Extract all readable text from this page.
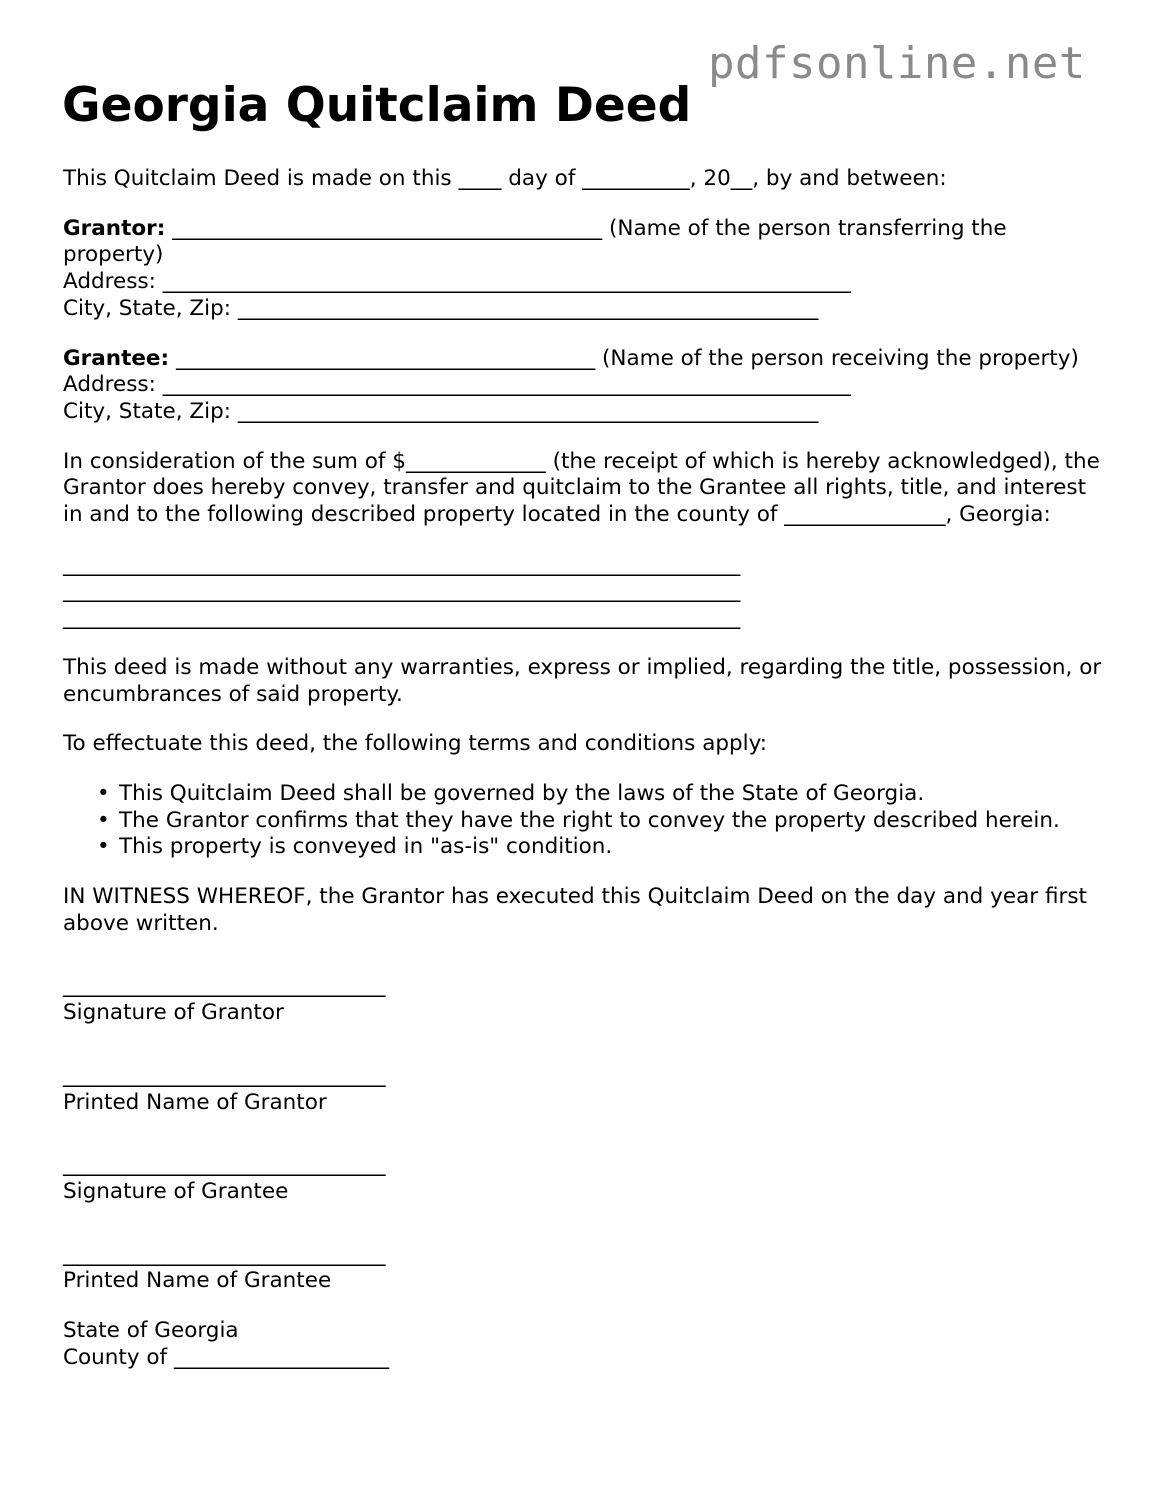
pdfsonline.net
Georgia Quitclaim Deed

This Quitclaim Deed is made on this ____ day of __________, 20__, by and between:

Grantor: ________________________________________ (Name of the person transferring the property)

Address: ________________________________________________________________

City, State, Zip: ______________________________________________________

Grantee: _______________________________________ (Name of the person receiving the property)

Address: ________________________________________________________________

City, State, Zip: ______________________________________________________

In consideration of the sum of $_____________ (the receipt of which is hereby acknowledged), the Grantor does hereby convey, transfer and quitclaim to the Grantee all rights, title, and interest in and to the following described property located in the county of _______________, Georgia:

_______________________________________________________________

_______________________________________________________________

_______________________________________________________________

This deed is made without any warranties, express or implied, regarding the title, possession, or encumbrances of said property.

To effectuate this deed, the following terms and conditions apply:

• This Quitclaim Deed shall be governed by the laws of the State of Georgia.
• The Grantor confirms that they have the right to convey the property described herein.
• This property is conveyed in "as-is" condition.

IN WITNESS WHEREOF, the Grantor has executed this Quitclaim Deed on the day and year first above written.

______________________________
Signature of Grantor
______________________________
Printed Name of Grantor
______________________________
Signature of Grantee
______________________________
Printed Name of Grantee

State of Georgia

County of ____________________
